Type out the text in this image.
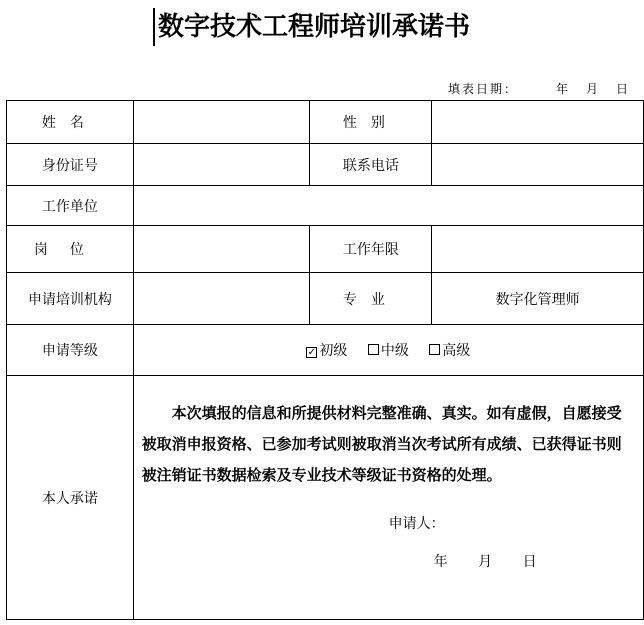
数字技术工程师培训承诺书
填表日期：	年 月 日
姓名		性别	
身份证号		联系电话	
工作单位			
岗位		工作年限	
申请培训机构		专业	数字化管理师
申请等级	✓ 初级 中级 高级		
本人承诺	本次填报的信息和所提供材料完整准确、真实。如有虚假，自愿接受被取消申报资格、已参加考试则被取消当次考试所有成绩、已获得证书则被注销证书数据检索及专业技术等级证书资格的处理。
申请人：
年 月 日		
